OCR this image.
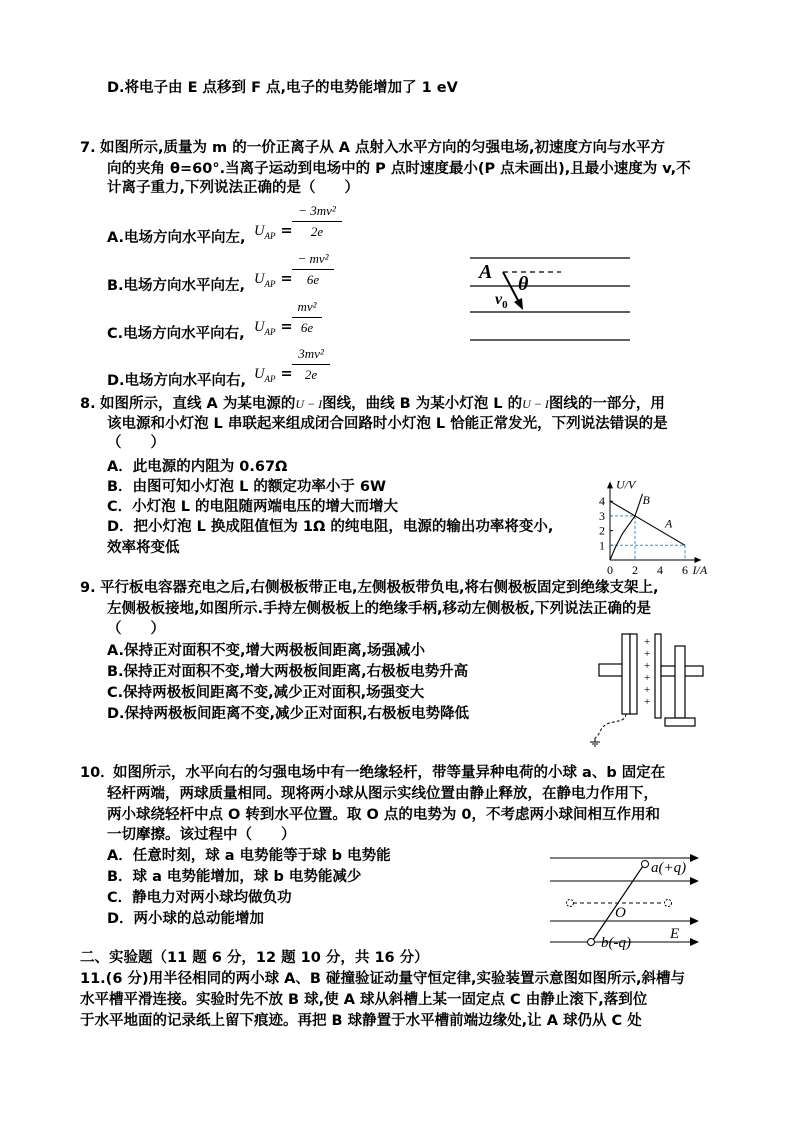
D.将电子由 E 点移到 F 点,电子的电势能增加了 1 eV
7. 如图所示,质量为 m 的一价正离子从 A 点射入水平方向的匀强电场,初速度方向与水平方
向的夹角 θ=60°.当离子运动到电场中的 P 点时速度最小(P 点未画出),且最小速度为 v,不
计离子重力,下列说法正确的是（　　）
A.电场方向水平向左, $U_{AP}$ =
− 3mv²
2e
B.电场方向水平向左, $U_{AP}$ =
− mv²
6e
C.电场方向水平向右, $U_{AP}$ =
mv²
6e
D.电场方向水平向右, $U_{AP}$ =
3mv²
2e
A
θ
$v_0$
8. 如图所示，直线 A 为某电源的U − I图线，曲线 B 为某小灯泡 L 的U − I图线的一部分，用
该电源和小灯泡 L 串联起来组成闭合回路时小灯泡 L 恰能正常发光，下列说法错误的是
（　　）
A．此电源的内阻为 0.67Ω
B．由图可知小灯泡 L 的额定功率小于 6W
C．小灯泡 L 的电阻随两端电压的增大而增大
D．把小灯泡 L 换成阻值恒为 1Ω 的纯电阻，电源的输出功率将变小,
效率将变低
U/V
I/A
1
2
3
4
0 2 4 6
A
B
9. 平行板电容器充电之后,右侧极板带正电,左侧极板带负电,将右侧极板固定到绝缘支架上,
左侧极板接地,如图所示.手持左侧极板上的绝缘手柄,移动左侧极板,下列说法正确的是
（　　）
A.保持正对面积不变,增大两极板间距离,场强减小
B.保持正对面积不变,增大两极板间距离,右极板电势升高
C.保持两极板间距离不变,减少正对面积,场强变大
D.保持两极板间距离不变,减少正对面积,右极板电势降低
+
+
+
+
+
+
10．
如图所示，水平向右的匀强电场中有一绝缘轻杆，带等量异种电荷的小球 a、b 固定在
轻杆两端，两球质量相同。现将两小球从图示实线位置由静止释放，在静电力作用下，
两小球绕轻杆中点 O 转到水平位置。取 O 点的电势为 0，不考虑两小球间相互作用和
一切摩擦。该过程中（　　）
A．任意时刻，球 a 电势能等于球 b 电势能
B．球 a 电势能增加，球 b 电势能减少
C．静电力对两小球均做负功
D．两小球的总动能增加
a(+q)
b(-q)
O
E
二、实验题（11 题 6 分，12 题 10 分，共 16 分）
11.(6 分)用半径相同的两小球 A、B 碰撞验证动量守恒定律,实验装置示意图如图所示,斜槽与
水平槽平滑连接。实验时先不放 B 球,使 A 球从斜槽上某一固定点 C 由静止滚下,落到位
于水平地面的记录纸上留下痕迹。再把 B 球静置于水平槽前端边缘处,让 A 球仍从 C 处
